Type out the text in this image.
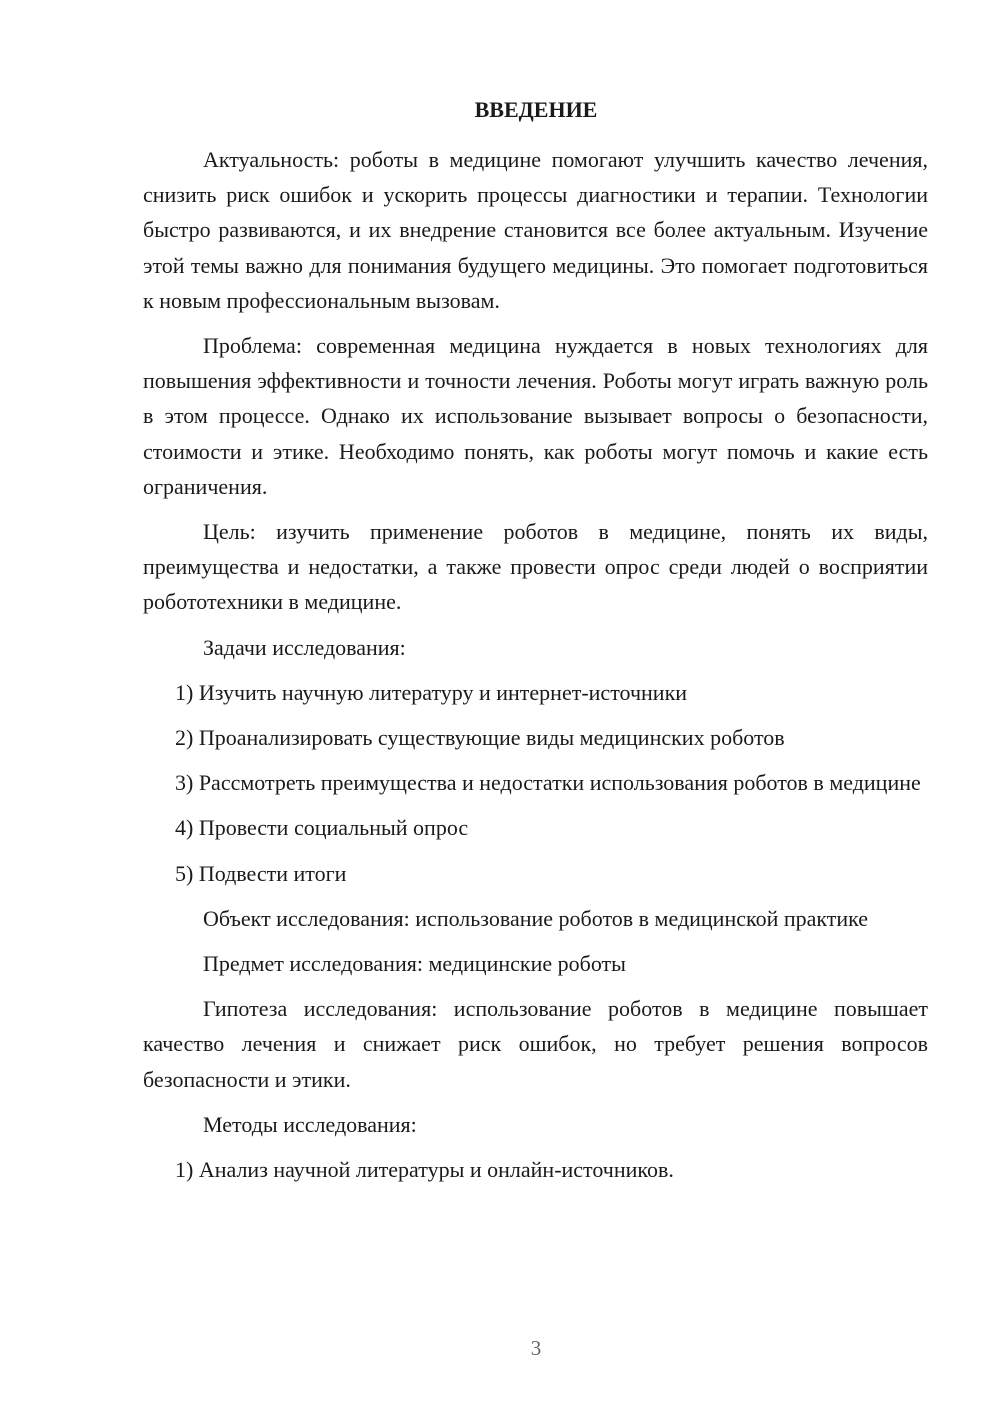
ВВЕДЕНИЕ

Актуальность: роботы в медицине помогают улучшить качество лечения, снизить риск ошибок и ускорить процессы диагностики и терапии. Технологии быстро развиваются, и их внедрение становится все более актуальным. Изучение этой темы важно для понимания будущего медицины. Это помогает подготовиться к новым профессиональным вызовам.

Проблема: современная медицина нуждается в новых технологиях для повышения эффективности и точности лечения. Роботы могут играть важную роль в этом процессе. Однако их использование вызывает вопросы о безопасности, стоимости и этике. Необходимо понять, как роботы могут помочь и какие есть ограничения.

Цель: изучить применение роботов в медицине, понять их виды, преимущества и недостатки, а также провести опрос среди людей о восприятии робототехники в медицине.

Задачи исследования:

1) Изучить научную литературу и интернет-источники

2) Проанализировать существующие виды медицинских роботов

3) Рассмотреть преимущества и недостатки использования роботов в медицине

4) Провести социальный опрос

5) Подвести итоги

Объект исследования: использование роботов в медицинской практике

Предмет исследования: медицинские роботы

Гипотеза исследования: использование роботов в медицине повышает качество лечения и снижает риск ошибок, но требует решения вопросов безопасности и этики.

Методы исследования:

1) Анализ научной литературы и онлайн-источников.

3
